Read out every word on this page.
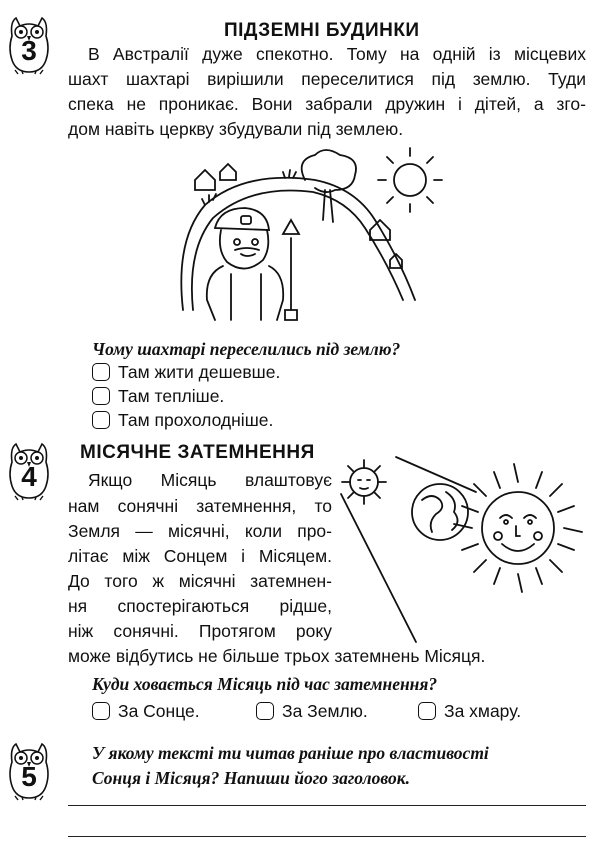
3
ПІДЗЕМНІ БУДИНКИ
В Австралії дуже спекотно. Тому на одній із місцевих
шахт шахтарі вирішили переселитися під землю. Туди
спека не проникає. Вони забрали дружин і дітей, а зго-
дом навіть церкву збудували під землею.
Чому шахтарі переселились під землю?
Там жити дешевше.
Там тепліше.
Там прохолодніше.
4
МІСЯЧНЕ ЗАТЕМНЕННЯ
Якщо Місяць влаштовує
нам сонячні затемнення, то
Земля — місячні, коли про-
літає між Сонцем і Місяцем.
До того ж місячні затемнен-
ня спостерігаються рідше,
ніж сонячні. Протягом року
може відбутись не більше трьох затемнень Місяця.
Куди ховається Місяць під час затемнення?
За Сонце.	За Землю.	За хмару.
5
У якому тексті ти читав раніше про властивості
Сонця і Місяця? Напиши його заголовок.
